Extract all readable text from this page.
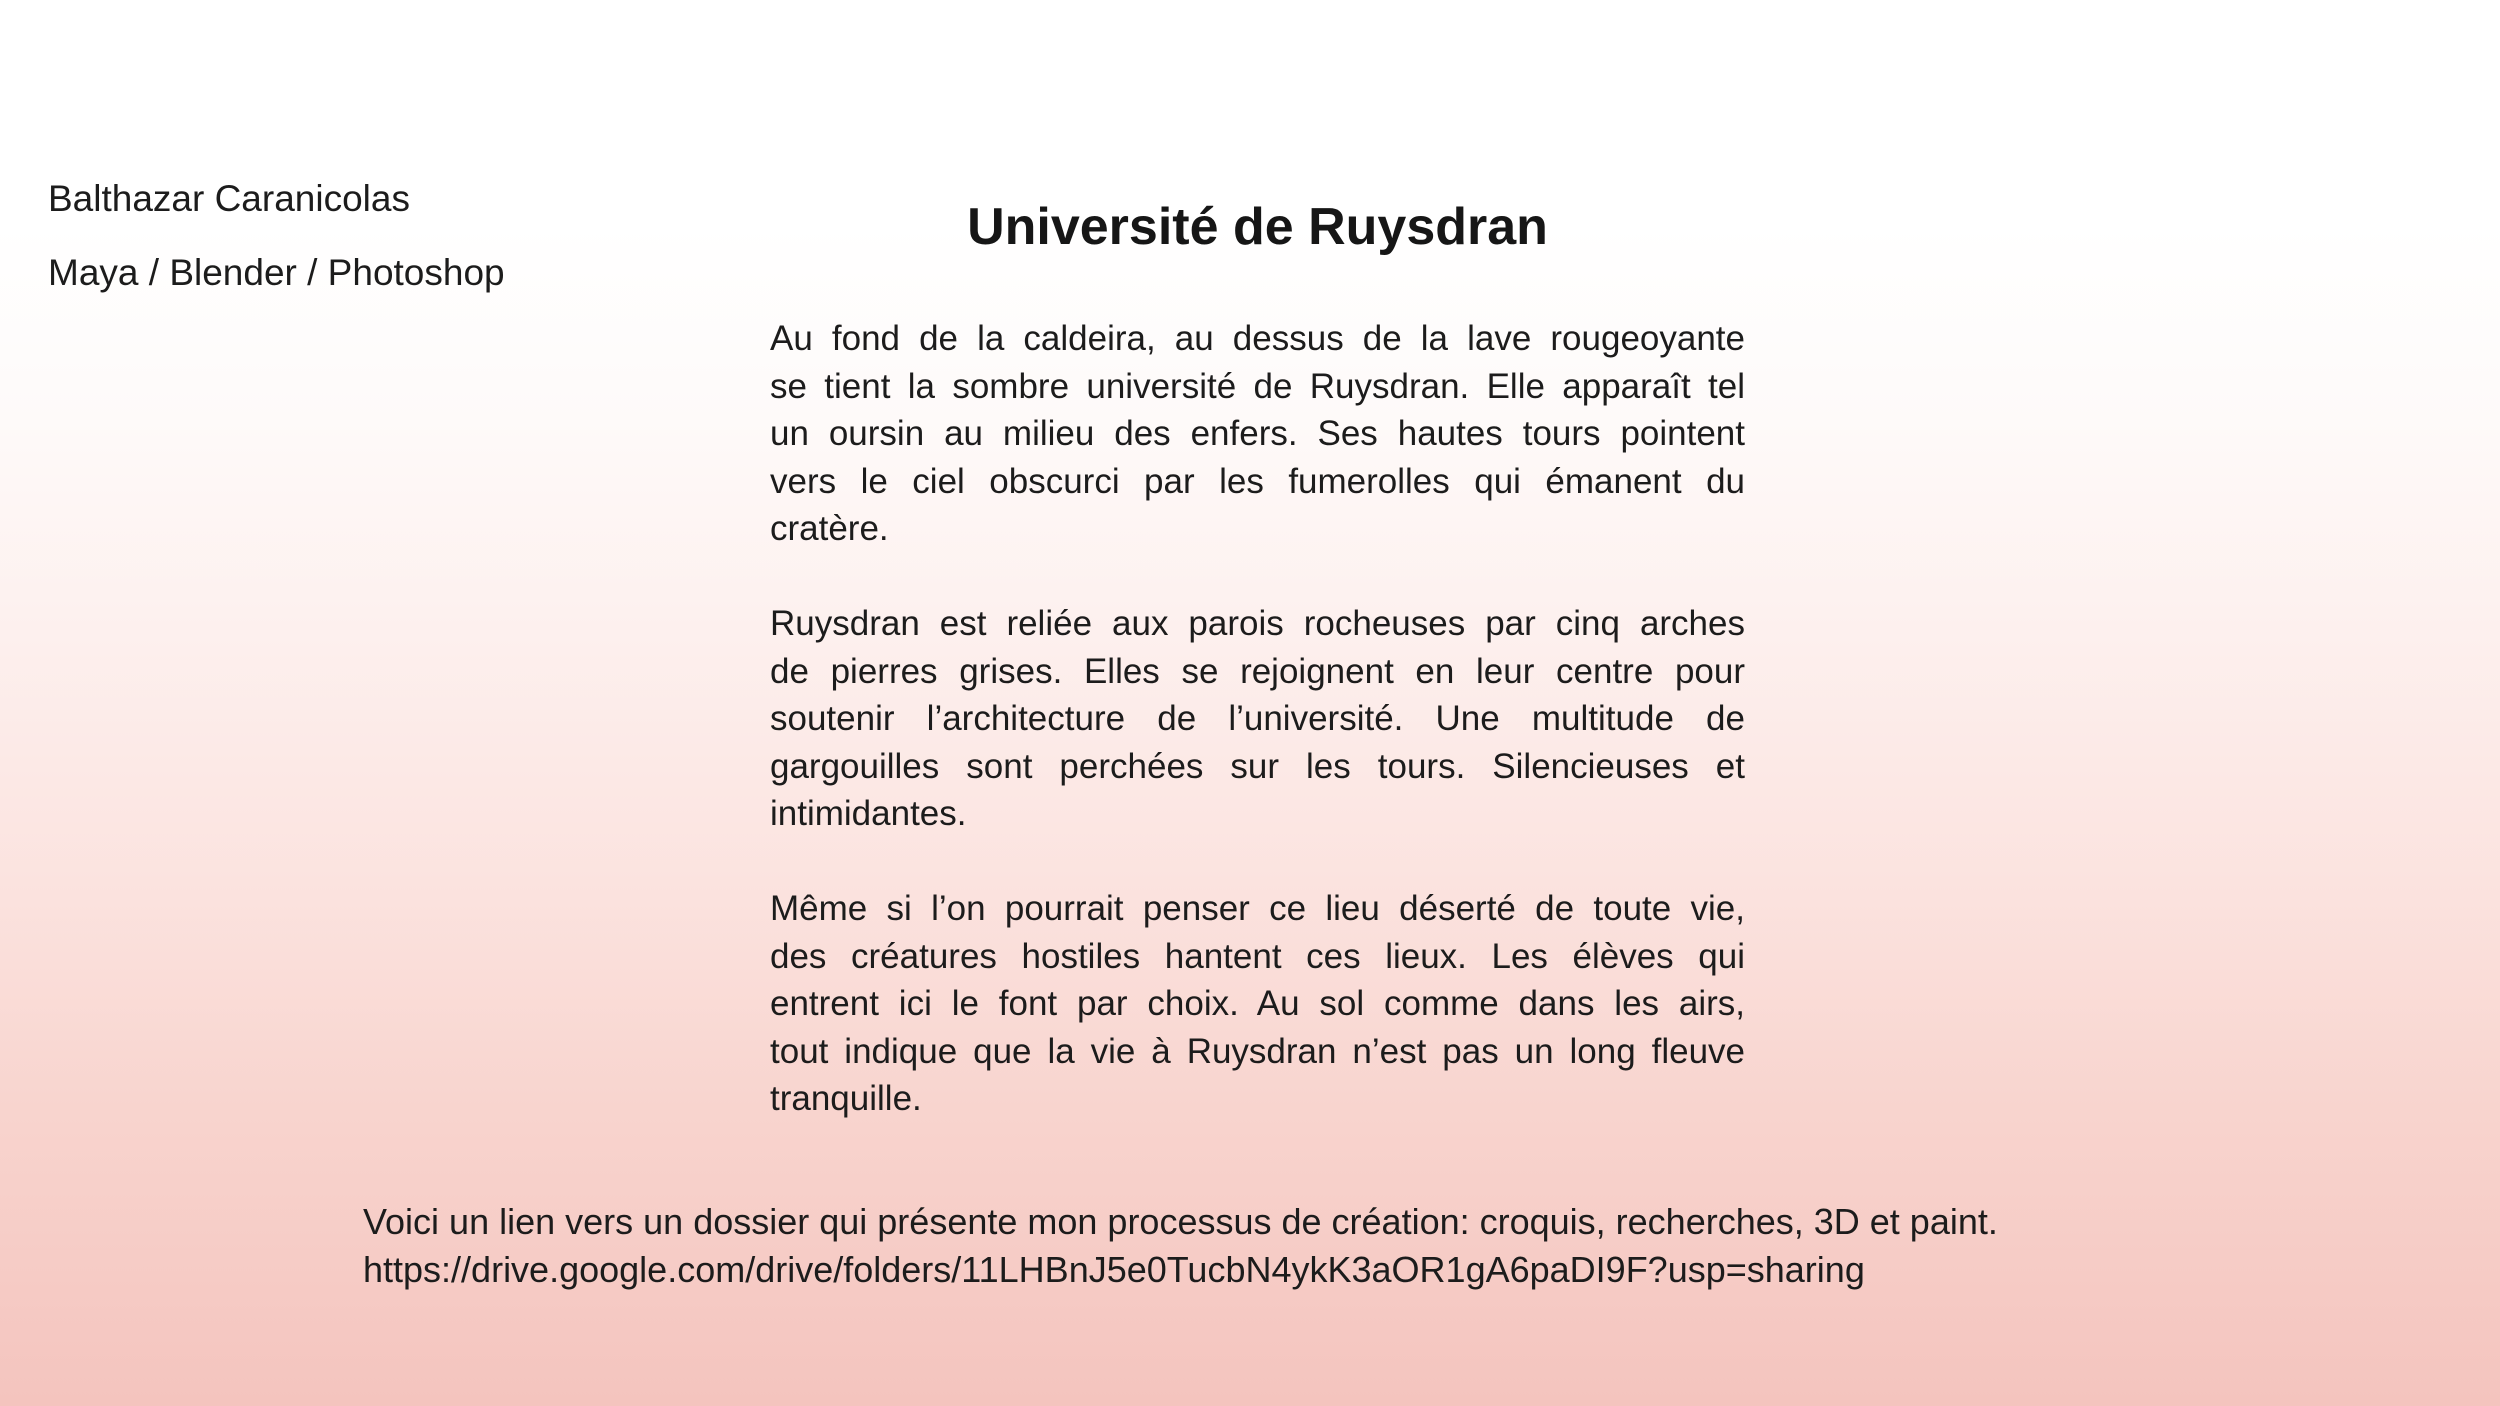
Balthazar Caranicolas
Maya / Blender / Photoshop
Université de Ruysdran
Au fond de la caldeira, au dessus de la lave rougeoyante
se tient la sombre université de Ruysdran. Elle apparaît tel
un oursin au milieu des enfers. Ses hautes tours pointent
vers le ciel obscurci par les fumerolles qui émanent du
cratère.
Ruysdran est reliée aux parois rocheuses par cinq arches
de pierres grises. Elles se rejoignent en leur centre pour
soutenir l’architecture de l’université. Une multitude de
gargouilles sont perchées sur les tours. Silencieuses et
intimidantes.
Même si l’on pourrait penser ce lieu déserté de toute vie,
des créatures hostiles hantent ces lieux. Les élèves qui
entrent ici le font par choix. Au sol comme dans les airs,
tout indique que la vie à Ruysdran n’est pas un long fleuve
tranquille.
Voici un lien vers un dossier qui présente mon processus de création: croquis, recherches, 3D et paint.
https://drive.google.com/drive/folders/11LHBnJ5e0TucbN4ykK3aOR1gA6paDI9F?usp=sharing
